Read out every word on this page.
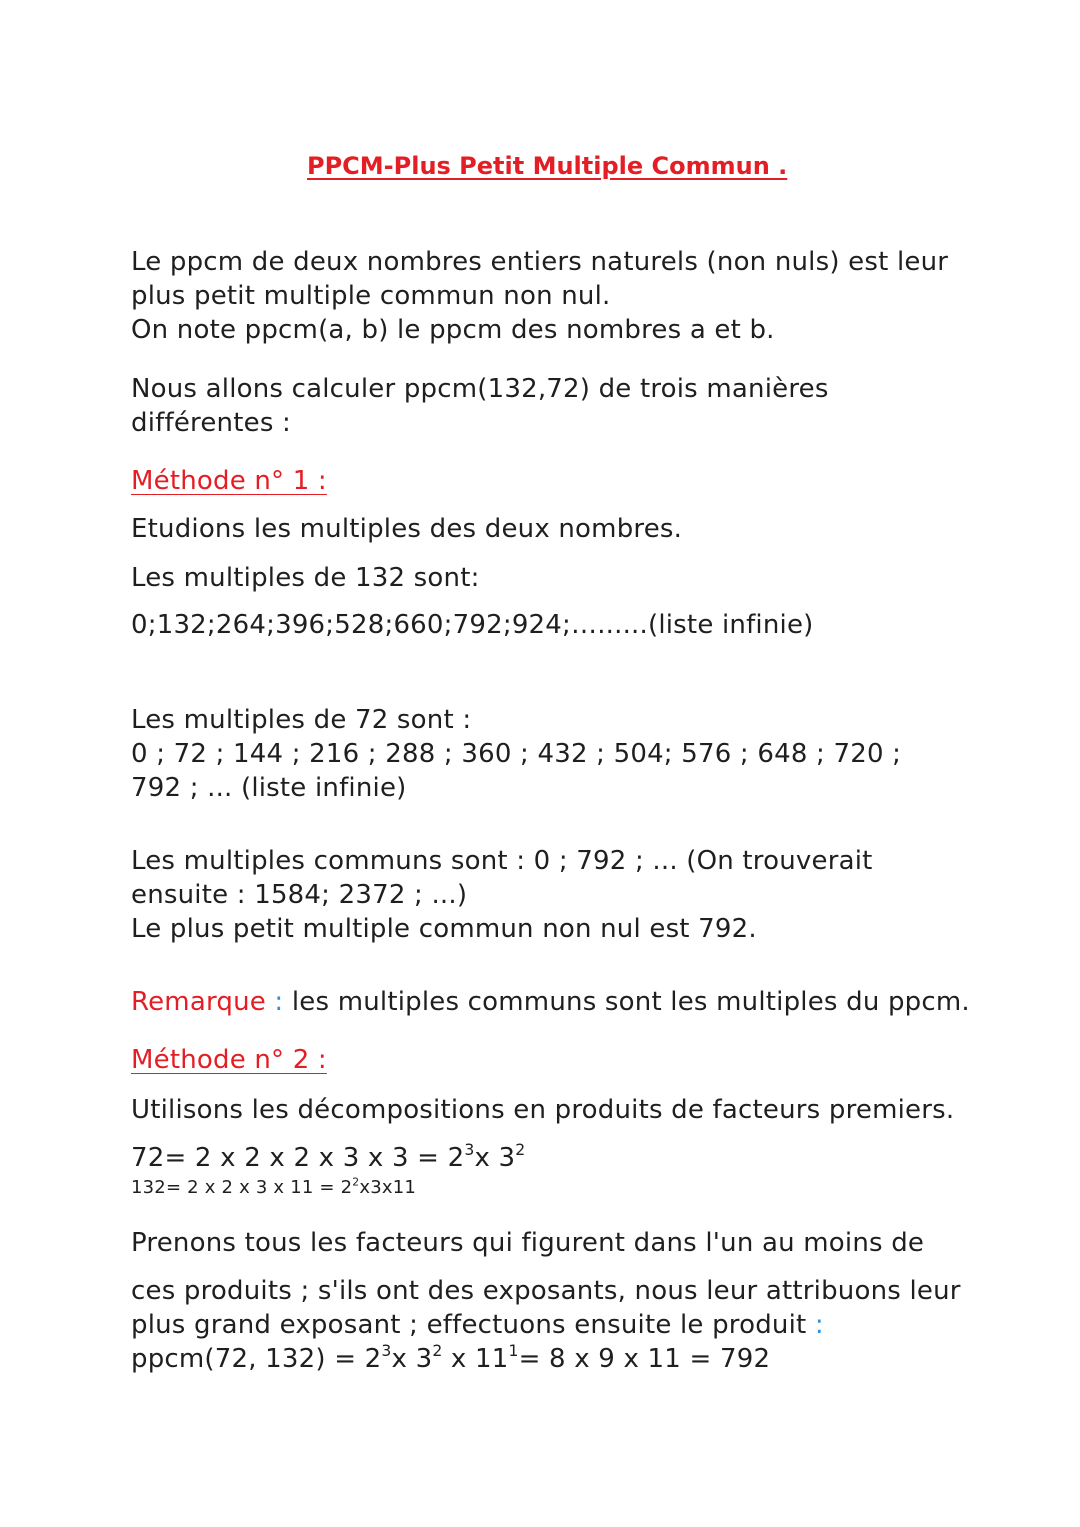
PPCM-Plus Petit Multiple Commun .
Le ppcm de deux nombres entiers naturels (non nuls) est leur
plus petit multiple commun non nul.
On note ppcm(a, b) le ppcm des nombres a et b.
Nous allons calculer ppcm(132,72) de trois manières
différentes :
Méthode n° 1 :
Etudions les multiples des deux nombres.
Les multiples de 132 sont:
0;132;264;396;528;660;792;924;…......(liste infinie)
Les multiples de 72 sont :
0 ; 72 ; 144 ; 216 ; 288 ; 360 ; 432 ; 504; 576 ; 648 ; 720 ;
792 ; ... (liste infinie)
Les multiples communs sont : 0 ; 792 ; ... (On trouverait
ensuite : 1584; 2372 ; ...)
Le plus petit multiple commun non nul est 792.
Remarque : les multiples communs sont les multiples du ppcm.
Méthode n° 2 :
Utilisons les décompositions en produits de facteurs premiers.
72= 2 x 2 x 2 x 3 x $3 = 2^3x$ $3^2$
132= 2 x 2 x 3 x $11 = 2^2x3x11$
Prenons tous les facteurs qui figurent dans l'un au moins de
ces produits ; s'ils ont des exposants, nous leur attribuons leur
plus grand exposant ; effectuons ensuite le produit :
ppcm(72, $132) = 2^3x$ $3^2$ x $11^1= 8$ x 9 x 11 = 792
